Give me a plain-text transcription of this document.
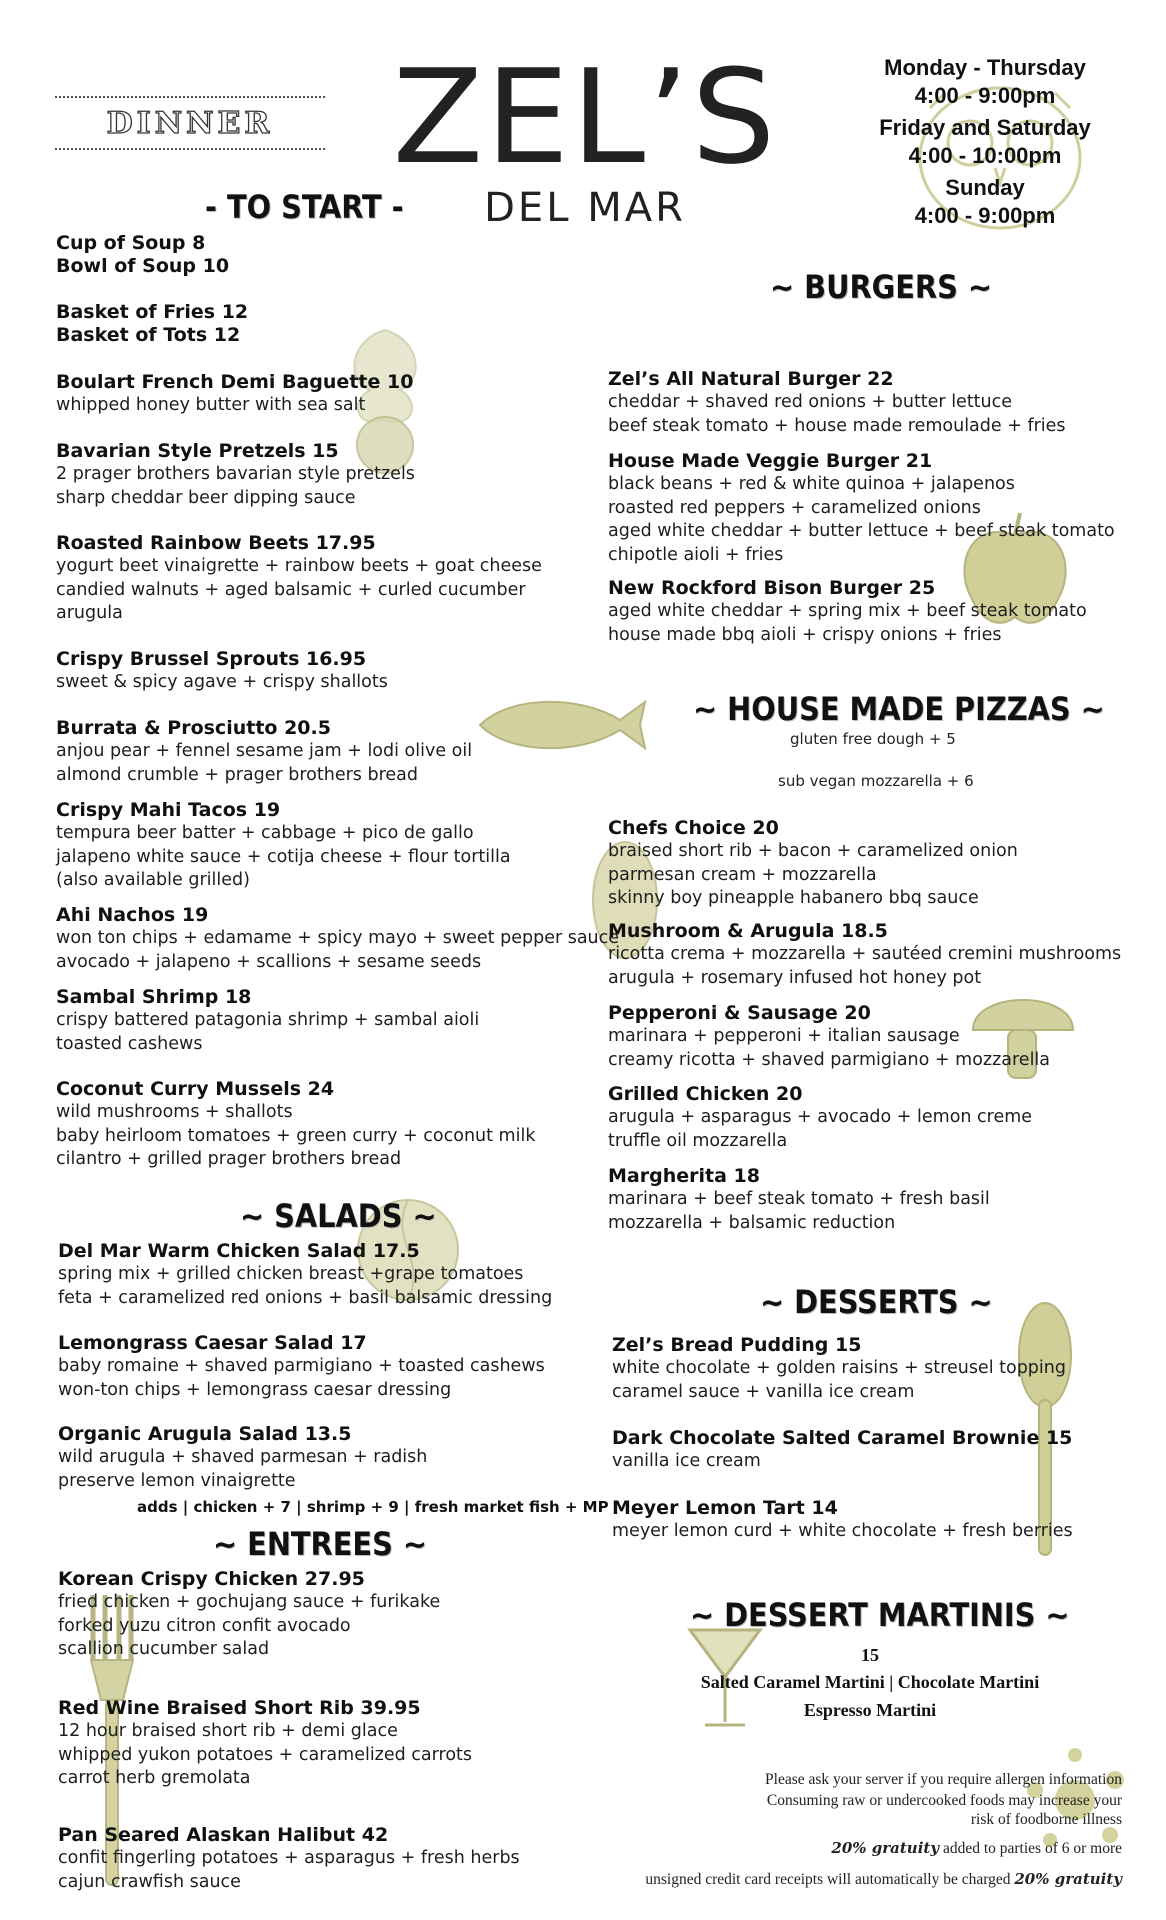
DINNER ZEL’S
DEL MAR
Monday - Thursday
4:00 - 9:00pm
Friday and Saturday
4:00 - 10:00pm
Sunday
4:00 - 9:00pm
- TO START -
~ SALADS ~
~ ENTREES ~
~ BURGERS ~
~ HOUSE MADE PIZZAS ~
~ DESSERTS ~
~ DESSERT MARTINIS ~
gluten free dough + 5
sub vegan mozzarella + 6
Cup of Soup 8
Bowl of Soup 10
Basket of Fries 12
Basket of Tots 12
Boulart French Demi Baguette 10
whipped honey butter with sea salt
Bavarian Style Pretzels 15
2 prager brothers bavarian style pretzels
sharp cheddar beer dipping sauce
Roasted Rainbow Beets 17.95
yogurt beet vinaigrette + rainbow beets + goat cheese
candied walnuts + aged balsamic + curled cucumber
arugula
Crispy Brussel Sprouts 16.95
sweet & spicy agave + crispy shallots
Burrata & Prosciutto 20.5
anjou pear + fennel sesame jam + lodi olive oil
almond crumble + prager brothers bread
Crispy Mahi Tacos 19
tempura beer batter + cabbage + pico de gallo
jalapeno white sauce + cotija cheese + flour tortilla
(also available grilled)
Ahi Nachos 19
won ton chips + edamame + spicy mayo + sweet pepper sauce
avocado + jalapeno + scallions + sesame seeds
Sambal Shrimp 18
crispy battered patagonia shrimp + sambal aioli
toasted cashews
Coconut Curry Mussels 24
wild mushrooms + shallots
baby heirloom tomatoes + green curry + coconut milk
cilantro + grilled prager brothers bread
Del Mar Warm Chicken Salad 17.5
spring mix + grilled chicken breast +grape tomatoes
feta + caramelized red onions + basil balsamic dressing
Lemongrass Caesar Salad 17
baby romaine + shaved parmigiano + toasted cashews
won-ton chips + lemongrass caesar dressing
Organic Arugula Salad 13.5
wild arugula + shaved parmesan + radish
preserve lemon vinaigrette
adds | chicken + 7 | shrimp + 9 | fresh market fish + MP
Korean Crispy Chicken 27.95
fried chicken + gochujang sauce + furikake
forked yuzu citron confit avocado
scallion cucumber salad
Red Wine Braised Short Rib 39.95
12 hour braised short rib + demi glace
whipped yukon potatoes + caramelized carrots
carrot herb gremolata
Pan Seared Alaskan Halibut 42
confit fingerling potatoes + asparagus + fresh herbs
cajun crawfish sauce
Zel’s All Natural Burger 22
cheddar + shaved red onions + butter lettuce
beef steak tomato + house made remoulade + fries
House Made Veggie Burger 21
black beans + red & white quinoa + jalapenos
roasted red peppers + caramelized onions
aged white cheddar + butter lettuce + beef steak tomato
chipotle aioli + fries
New Rockford Bison Burger 25
aged white cheddar + spring mix + beef steak tomato
house made bbq aioli + crispy onions + fries
Chefs Choice 20
braised short rib + bacon + caramelized onion
parmesan cream + mozzarella
skinny boy pineapple habanero bbq sauce
Mushroom & Arugula 18.5
ricotta crema + mozzarella + sautéed cremini mushrooms
arugula + rosemary infused hot honey pot
Pepperoni & Sausage 20
marinara + pepperoni + italian sausage
creamy ricotta + shaved parmigiano + mozzarella
Grilled Chicken 20
arugula + asparagus + avocado + lemon creme
truffle oil mozzarella
Margherita 18
marinara + beef steak tomato + fresh basil
mozzarella + balsamic reduction
Zel’s Bread Pudding 15
white chocolate + golden raisins + streusel topping
caramel sauce + vanilla ice cream
Dark Chocolate Salted Caramel Brownie 15
vanilla ice cream
Meyer Lemon Tart 14
meyer lemon curd + white chocolate + fresh berries
15
Salted Caramel Martini | Chocolate Martini
Espresso Martini
Please ask your server if you require allergen information
Consuming raw or undercooked foods may increase your
risk of foodborne illness
20% gratuity added to parties of 6 or more
unsigned credit card receipts will automatically be charged 20% gratuity
